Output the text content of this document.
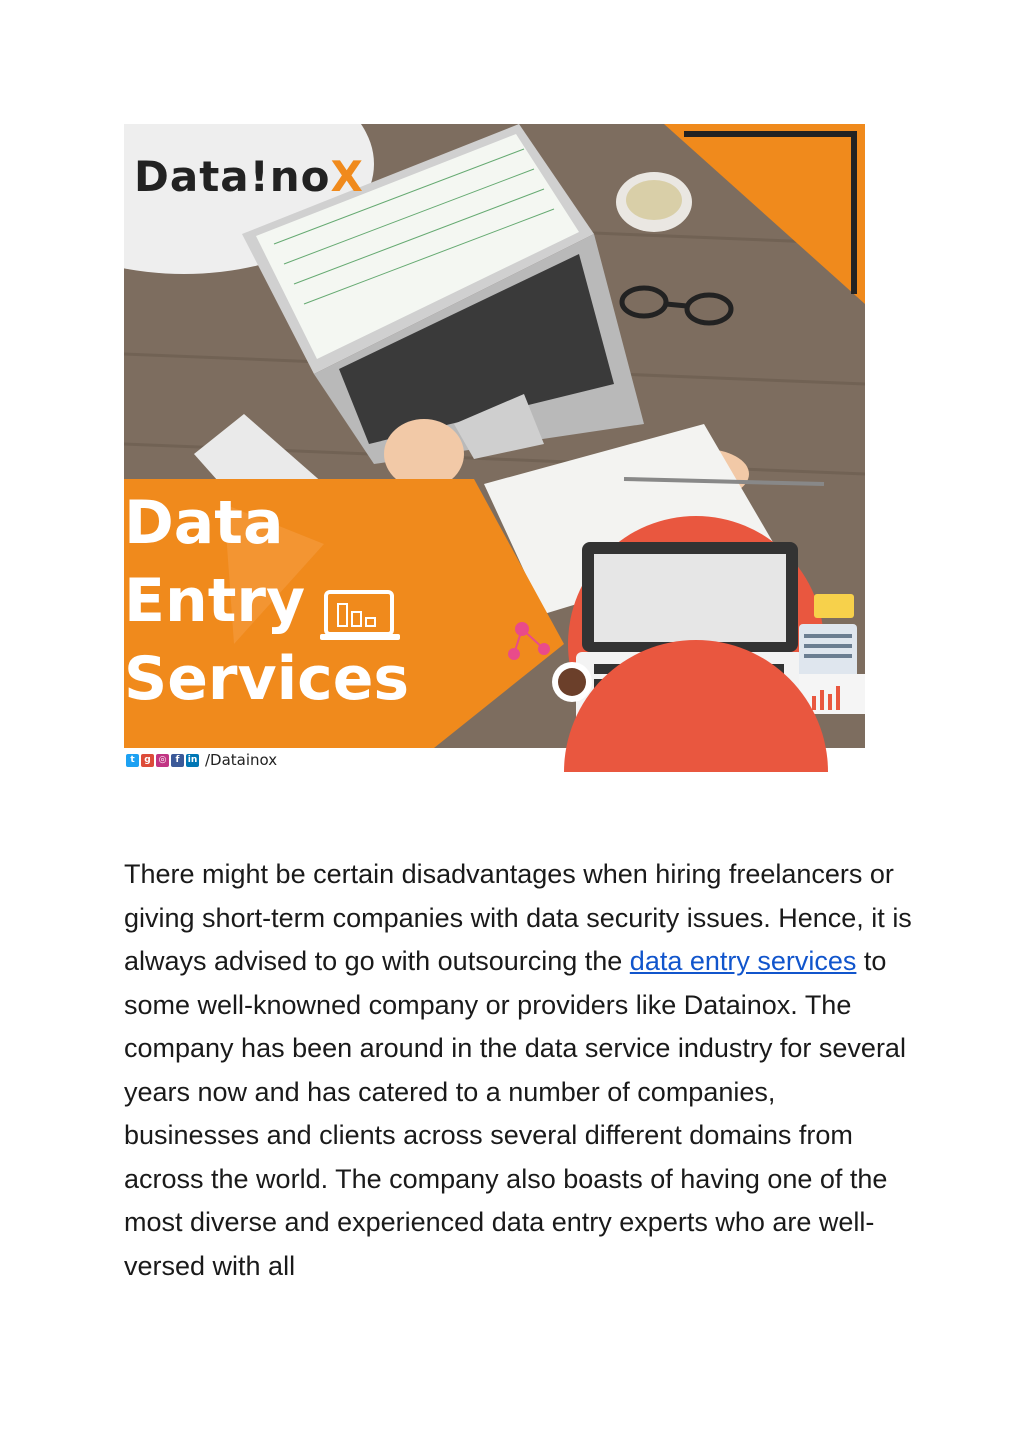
Data!noX
Data
Entry
Services
t	g ◎	f in /Datainox

There might be certain disadvantages when hiring freelancers or giving short-term companies with data security issues. Hence, it is always advised to go with outsourcing the data entry services to some well-knowned company or providers like Datainox. The company has been around in the data service industry for several years now and has catered to a number of companies, businesses and clients across several different domains from across the world. The company also boasts of having one of the most diverse and experienced data entry experts who are well-versed with all
